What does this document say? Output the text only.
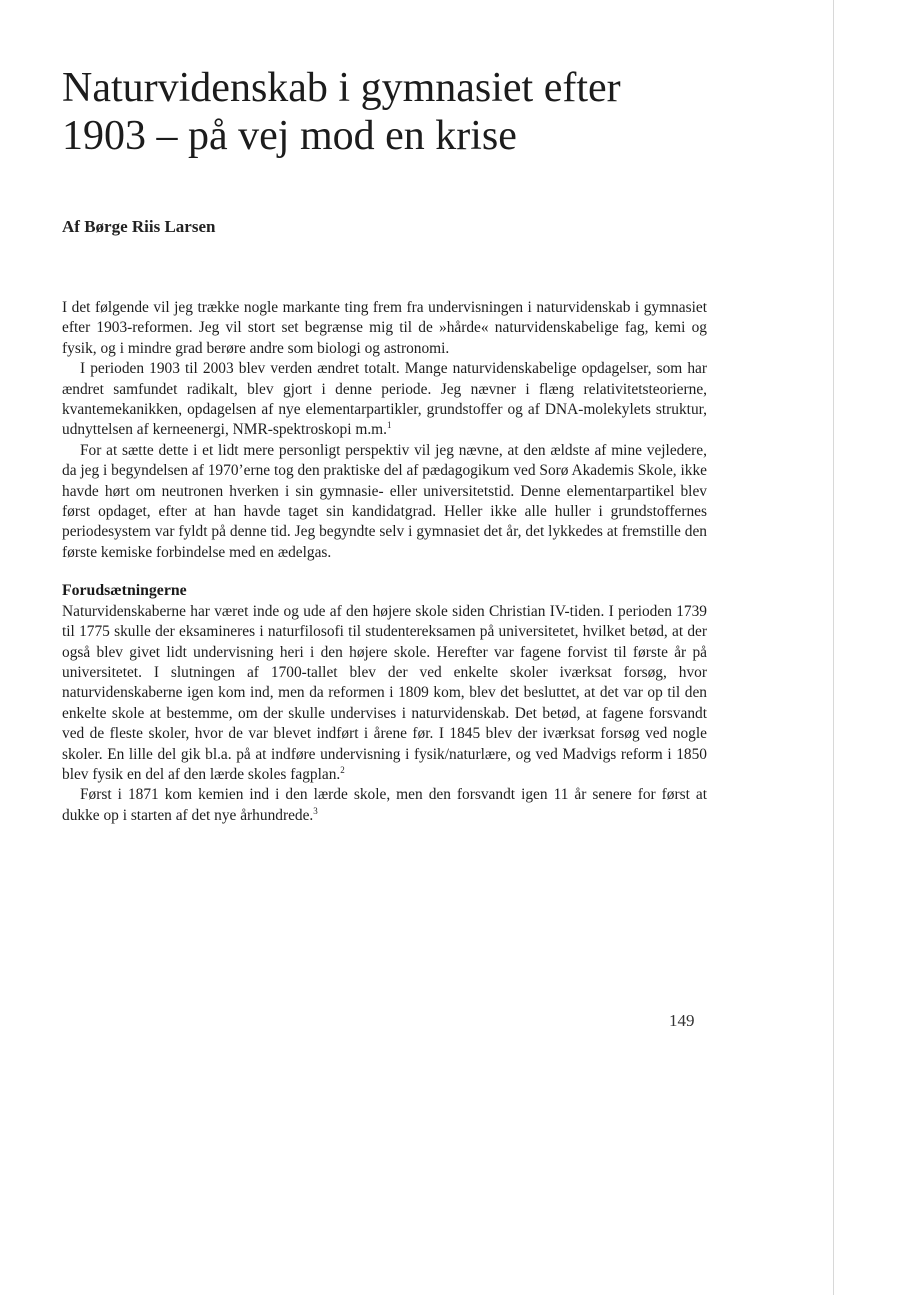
Naturvidenskab i gymnasiet efter
1903 – på vej mod en krise
Af Børge Riis Larsen

I det følgende vil jeg trække nogle markante ting frem fra undervisningen i naturvidenskab i gymnasiet efter 1903-reformen. Jeg vil stort set begrænse mig til de »hårde« naturvidenskabelige fag, kemi og fysik, og i mindre grad berøre andre som biologi og astronomi.

I perioden 1903 til 2003 blev verden ændret totalt. Mange naturvidenskabelige opdagelser, som har ændret samfundet radikalt, blev gjort i denne periode. Jeg nævner i flæng relativitetsteorierne, kvantemekanikken, opdagelsen af nye elementarpartikler, grundstoffer og af DNA-molekylets struktur, udnyttelsen af kerneenergi, NMR-spektroskopi m.m.$^1$

For at sætte dette i et lidt mere personligt perspektiv vil jeg nævne, at den ældste af mine vejledere, da jeg i begyndelsen af 1970’erne tog den praktiske del af pædagogikum ved Sorø Akademis Skole, ikke havde hørt om neutronen hverken i sin gymnasie- eller universitetstid. Denne elementarpartikel blev først opdaget, efter at han havde taget sin kandidatgrad. Heller ikke alle huller i grundstoffernes periodesystem var fyldt på denne tid. Jeg begyndte selv i gymnasiet det år, det lykkedes at fremstille den første kemiske forbindelse med en ædelgas.

Forudsætningerne

Naturvidenskaberne har været inde og ude af den højere skole siden Christian IV-tiden. I perioden 1739 til 1775 skulle der eksamineres i naturfilosofi til studentereksamen på universitetet, hvilket betød, at der også blev givet lidt undervisning heri i den højere skole. Herefter var fagene forvist til første år på universitetet. I slutningen af 1700-tallet blev der ved enkelte skoler iværksat forsøg, hvor naturvidenskaberne igen kom ind, men da reformen i 1809 kom, blev det besluttet, at det var op til den enkelte skole at bestemme, om der skulle undervises i naturvidenskab. Det betød, at fagene forsvandt ved de fleste skoler, hvor de var blevet indført i årene før. I 1845 blev der iværksat forsøg ved nogle skoler. En lille del gik bl.a. på at indføre undervisning i fysik/naturlære, og ved Madvigs reform i 1850 blev fysik en del af den lærde skoles fagplan.$^2$

Først i 1871 kom kemien ind i den lærde skole, men den forsvandt igen 11 år senere for først at dukke op i starten af det nye århundrede.$^3$

149
